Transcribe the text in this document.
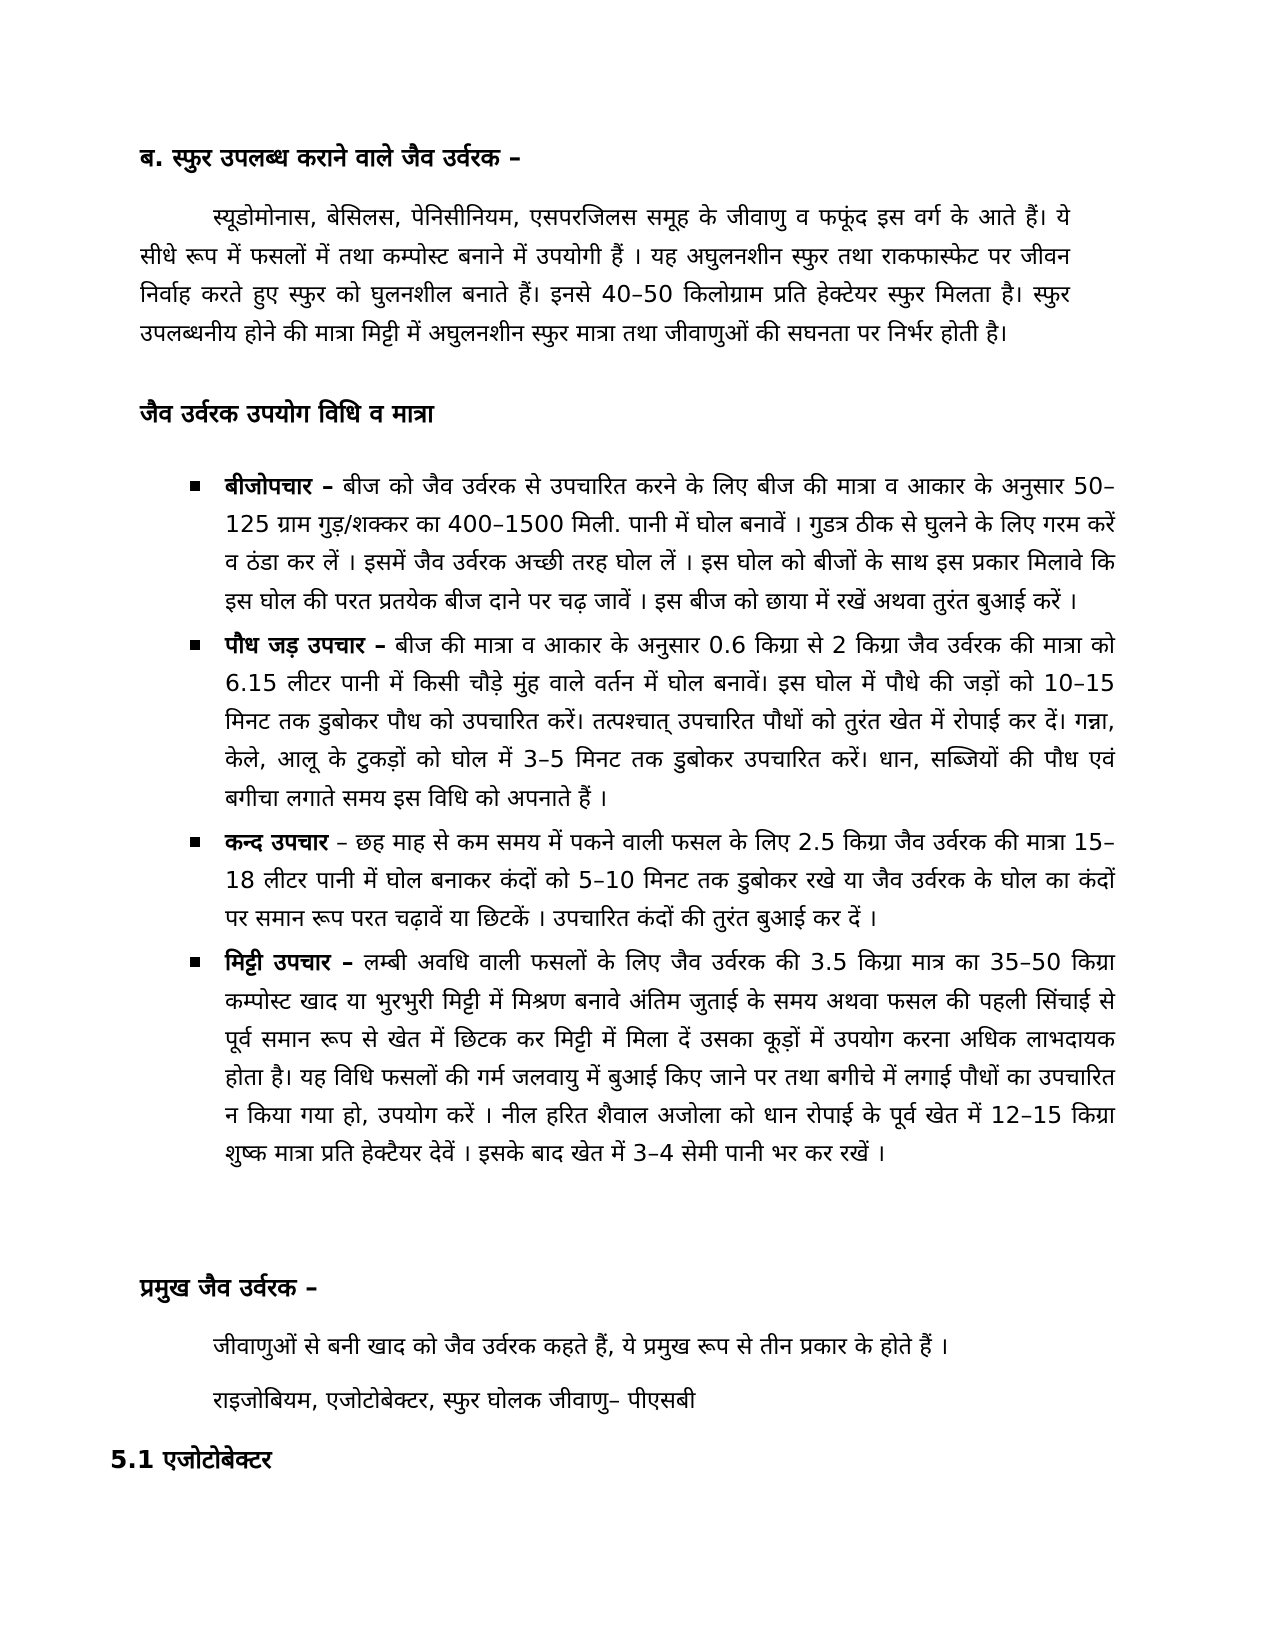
ब. स्फुर उपलब्ध कराने वाले जैव उर्वरक –

स्यूडोमोनास, बेसिलस, पेनिसीनियम, एसपरजिलस समूह के जीवाणु व फफूंद इस वर्ग के आते हैं। ये सीधे रूप में फसलों में तथा कम्पोस्ट बनाने में उपयोगी हैं । यह अघुलनशीन स्फुर तथा राकफास्फेट पर जीवन निर्वाह करते हुए स्फुर को घुलनशील बनाते हैं। इनसे 40–50 किलोग्राम प्रति हेक्टेयर स्फुर मिलता है। स्फुर उपलब्धनीय होने की मात्रा मिट्टी में अघुलनशीन स्फुर मात्रा तथा जीवाणुओं की सघनता पर निर्भर होती है।

जैव उर्वरक उपयोग विधि व मात्रा
बीजोपचार – बीज को जैव उर्वरक से उपचारित करने के लिए बीज की मात्रा व आकार के अनुसार 50–125 ग्राम गुड़/शक्कर का 400–1500 मिली. पानी में घोल बनावें । गुडत्र ठीक से घुलने के लिए गरम करें व ठंडा कर लें । इसमें जैव उर्वरक अच्छी तरह घोल लें । इस घोल को बीजों के साथ इस प्रकार मिलावे कि इस घोल की परत प्रतयेक बीज दाने पर चढ़ जावें । इस बीज को छाया में रखें अथवा तुरंत बुआई करें ।
पौध जड़ उपचार – बीज की मात्रा व आकार के अनुसार 0.6 किग्रा से 2 किग्रा जैव उर्वरक की मात्रा को 6.15 लीटर पानी में किसी चौड़े मुंह वाले वर्तन में घोल बनावें। इस घोल में पौधे की जड़ों को 10–15 मिनट तक डुबोकर पौध को उपचारित करें। तत्पश्चात् उपचारित पौधों को तुरंत खेत में रोपाई कर दें। गन्ना, केले, आलू के टुकड़ों को घोल में 3–5 मिनट तक डुबोकर उपचारित करें। धान, सब्जियों की पौध एवं बगीचा लगाते समय इस विधि को अपनाते हैं ।
कन्द उपचार – छह माह से कम समय में पकने वाली फसल के लिए 2.5 किग्रा जैव उर्वरक की मात्रा 15–18 लीटर पानी में घोल बनाकर कंदों को 5–10 मिनट तक डुबोकर रखे या जैव उर्वरक के घोल का कंदों पर समान रूप परत चढ़ावें या छिटकें । उपचारित कंदों की तुरंत बुआई कर दें ।
मिट्टी उपचार – लम्बी अवधि वाली फसलों के लिए जैव उर्वरक की 3.5 किग्रा मात्र का 35–50 किग्रा कम्पोस्ट खाद या भुरभुरी मिट्टी में मिश्रण बनावे अंतिम जुताई के समय अथवा फसल की पहली सिंचाई से पूर्व समान रूप से खेत में छिटक कर मिट्टी में मिला दें उसका कूड़ों में उपयोग करना अधिक लाभदायक होता है। यह विधि फसलों की गर्म जलवायु में बुआई किए जाने पर तथा बगीचे में लगाई पौधों का उपचारित न किया गया हो, उपयोग करें । नील हरित शैवाल अजोला को धान रोपाई के पूर्व खेत में 12–15 किग्रा शुष्क मात्रा प्रति हेक्टैयर देवें । इसके बाद खेत में 3–4 सेमी पानी भर कर रखें ।
प्रमुख जैव उर्वरक –

जीवाणुओं से बनी खाद को जैव उर्वरक कहते हैं, ये प्रमुख रूप से तीन प्रकार के होते हैं ।

राइजोबियम, एजोटोबेक्टर, स्फुर घोलक जीवाणु– पीएसबी

5.1 एजोटोबेक्टर
